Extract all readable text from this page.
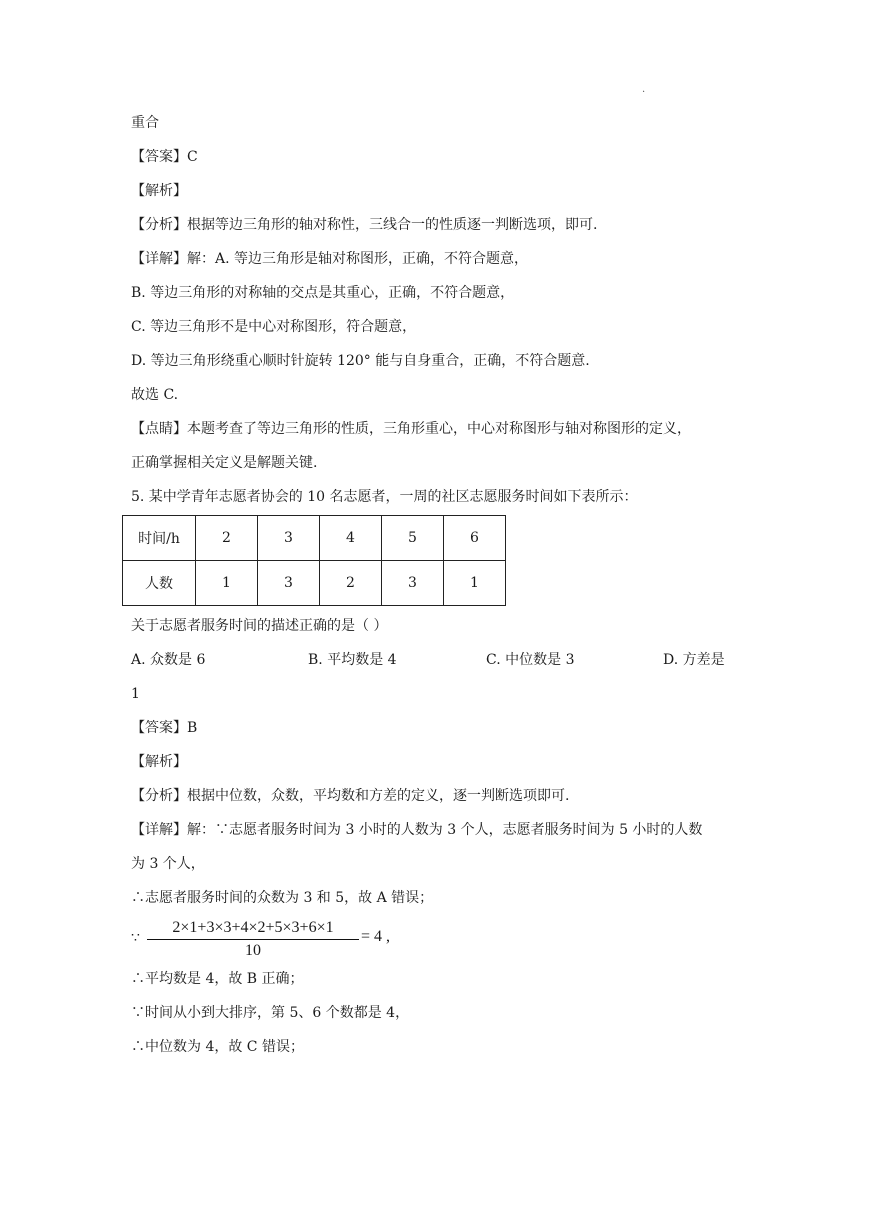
.
重合
【答案】C
【解析】
【分析】根据等边三角形的轴对称性，三线合一的性质逐一判断选项，即可.
【详解】解：A. 等边三角形是轴对称图形，正确，不符合题意，
B. 等边三角形的对称轴的交点是其重心，正确，不符合题意，
C. 等边三角形不是中心对称图形，符合题意，
D. 等边三角形绕重心顺时针旋转 120° 能与自身重合，正确，不符合题意.
故选 C.
【点睛】本题考查了等边三角形的性质，三角形重心，中心对称图形与轴对称图形的定义，
正确掌握相关定义是解题关键.
5. 某中学青年志愿者协会的 10 名志愿者，一周的社区志愿服务时间如下表所示：
时间/h	2	3	4	5	6
人数	1	3	2	3	1
关于志愿者服务时间的描述正确的是（ ）
A. 众数是 6	B. 平均数是 4	C. 中位数是 3	D. 方差是
1
【答案】B
【解析】
【分析】根据中位数，众数，平均数和方差的定义，逐一判断选项即可.
【详解】解：∵志愿者服务时间为 3 小时的人数为 3 个人，志愿者服务时间为 5 小时的人数
为 3 个人，
∴志愿者服务时间的众数为 3 和 5，故 A 错误；
∵
2×1+3×3+4×2+5×3+6×1
10
= 4 ,
∴平均数是 4，故 B 正确；
∵时间从小到大排序，第 5、6 个数都是 4，
∴中位数为 4，故 C 错误；
